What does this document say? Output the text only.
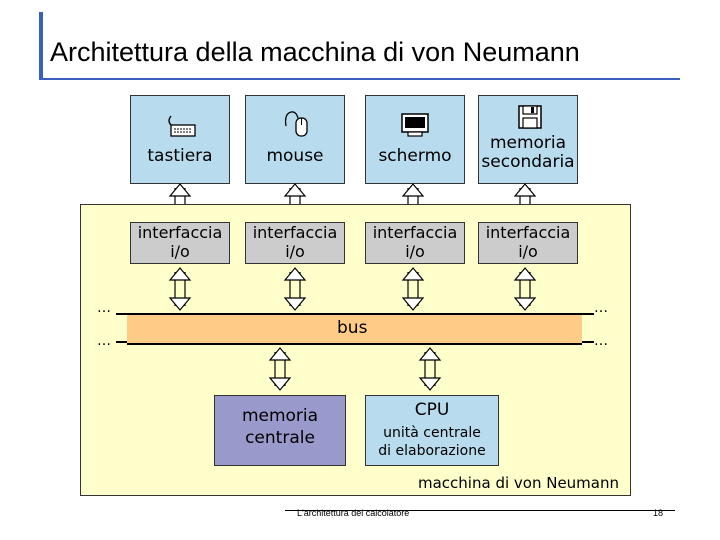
Architettura della macchina di von Neumann
tastiera	mouse	schermo
memoria
secondaria
interfaccia
i/o
interfaccia
i/o
interfaccia
i/o
interfaccia
i/o
…
…
…
…
bus
memoria
centrale
CPU
unità centrale
di elaborazione
macchina di von Neumann
L'architettura del calcolatore	18
